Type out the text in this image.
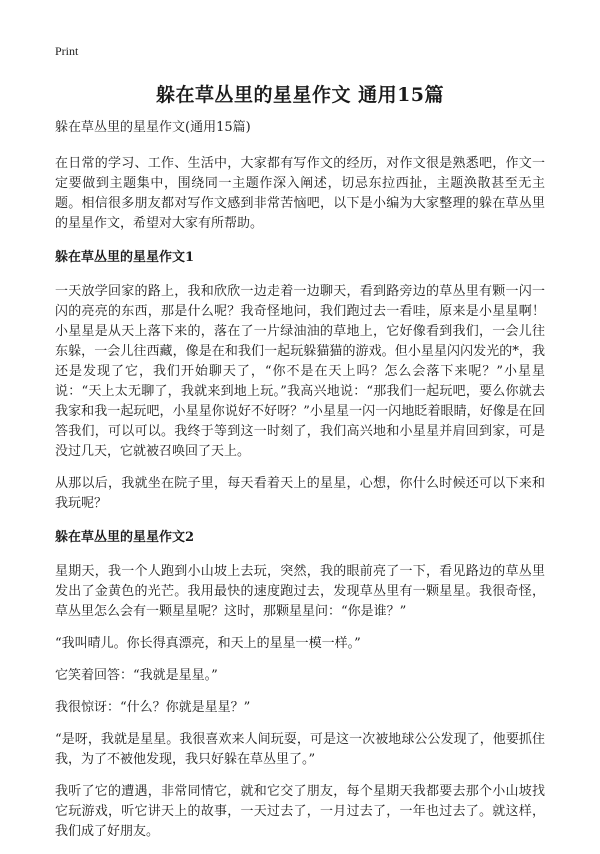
Print
躲在草丛里的星星作文 通用15篇
躲在草丛里的星星作文(通用15篇)

在日常的学习、工作、生活中，大家都有写作文的经历，对作文很是熟悉吧，作文一定要做到主题集中，围绕同一主题作深入阐述，切忌东拉西扯，主题涣散甚至无主题。相信很多朋友都对写作文感到非常苦恼吧，以下是小编为大家整理的躲在草丛里的星星作文，希望对大家有所帮助。

躲在草丛里的星星作文1

一天放学回家的路上，我和欣欣一边走着一边聊天，看到路旁边的草丛里有颗一闪一闪的亮亮的东西，那是什么呢？我奇怪地问，我们跑过去一看哇，原来是小星星啊！小星星是从天上落下来的，落在了一片绿油油的草地上，它好像看到我们，一会儿往东躲，一会儿往西藏，像是在和我们一起玩躲猫猫的游戏。但小星星闪闪发光的*，我还是发现了它，我们开始聊天了，“你不是在天上吗？怎么会落下来呢？”小星星说：“天上太无聊了，我就来到地上玩。”我高兴地说：“那我们一起玩吧，要么你就去我家和我一起玩吧，小星星你说好不好呀？”小星星一闪一闪地眨着眼睛，好像是在回答我们，可以可以。我终于等到这一时刻了，我们高兴地和小星星并肩回到家，可是没过几天，它就被召唤回了天上。

从那以后，我就坐在院子里，每天看着天上的星星，心想，你什么时候还可以下来和我玩呢？

躲在草丛里的星星作文2

星期天，我一个人跑到小山坡上去玩，突然，我的眼前亮了一下，看见路边的草丛里发出了金黄色的光芒。我用最快的速度跑过去，发现草丛里有一颗星星。我很奇怪，草丛里怎么会有一颗星星呢？这时，那颗星星问：“你是谁？”

“我叫晴儿。你长得真漂亮，和天上的星星一模一样。”

它笑着回答：“我就是星星。”

我很惊讶：“什么？你就是星星？”

“是呀，我就是星星。我很喜欢来人间玩耍，可是这一次被地球公公发现了，他要抓住我，为了不被他发现，我只好躲在草丛里了。”

我听了它的遭遇，非常同情它，就和它交了朋友，每个星期天我都要去那个小山坡找它玩游戏，听它讲天上的故事，一天过去了，一月过去了，一年也过去了。就这样，我们成了好朋友。
